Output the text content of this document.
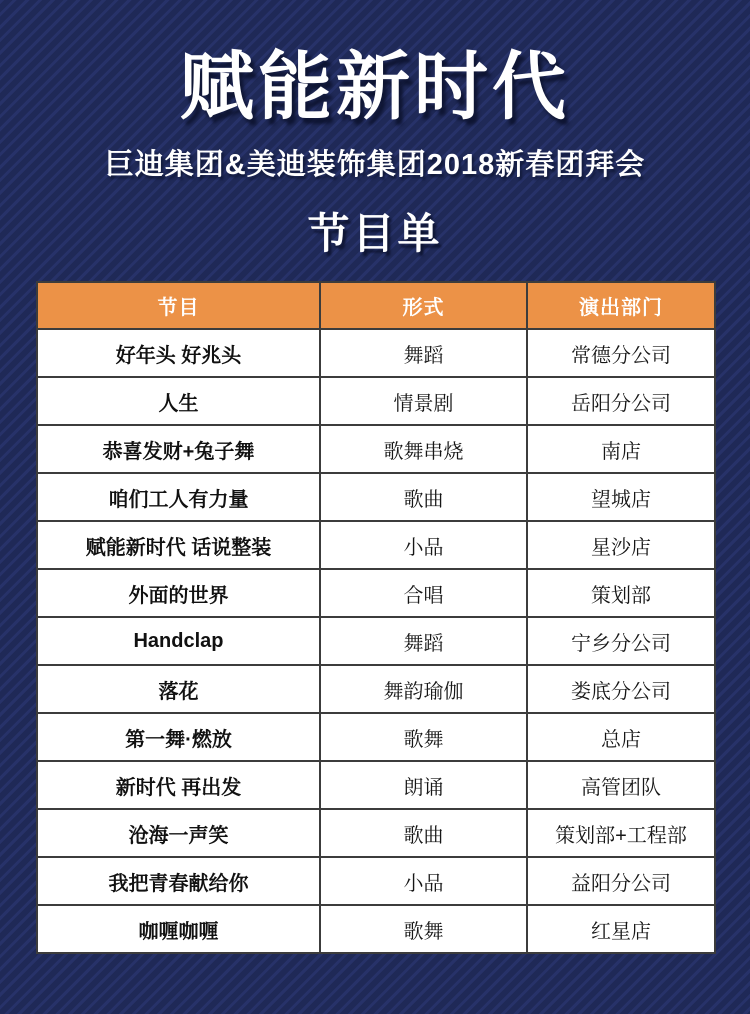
赋能新时代
巨迪集团&美迪装饰集团2018新春团拜会
节目单
节目	形式	演出部门
好年头 好兆头	舞蹈	常德分公司
人生	情景剧	岳阳分公司
恭喜发财+兔子舞	歌舞串烧	南店
咱们工人有力量	歌曲	望城店
赋能新时代 话说整装	小品	星沙店
外面的世界	合唱	策划部
Handclap	舞蹈	宁乡分公司
落花	舞韵瑜伽	娄底分公司
第一舞·燃放	歌舞	总店
新时代 再出发	朗诵	高管团队
沧海一声笑	歌曲	策划部+工程部
我把青春献给你	小品	益阳分公司
咖喱咖喱	歌舞	红星店
